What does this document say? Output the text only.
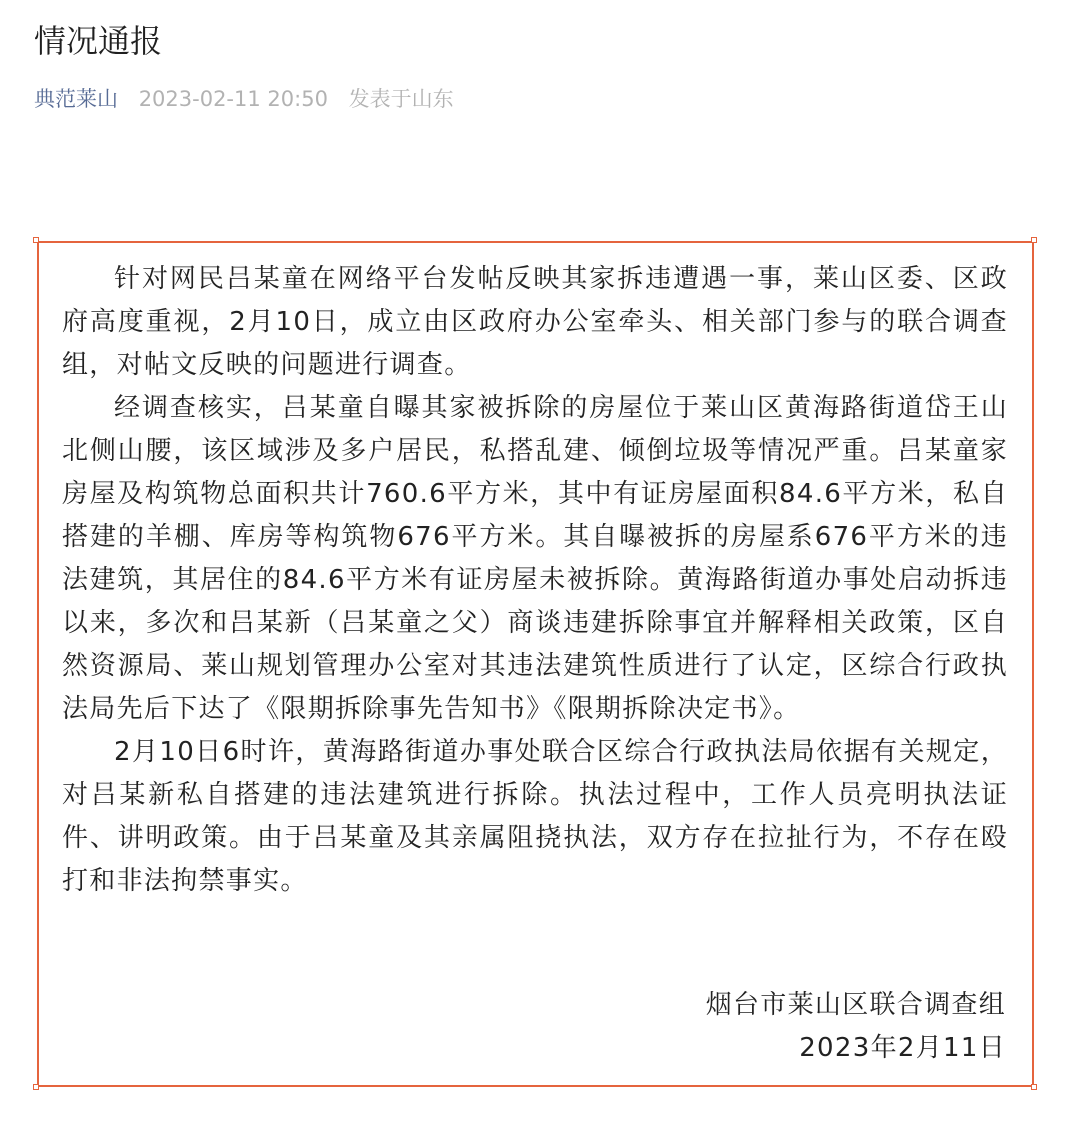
情况通报
典范莱山 2023-02-11 20:50 发表于山东

针对网民吕某童在网络平台发帖反映其家拆违遭遇一事，莱山区委、区政府高度重视，2月10日，成立由区政府办公室牵头、相关部门参与的联合调查组，对帖文反映的问题进行调查。

经调查核实，吕某童自曝其家被拆除的房屋位于莱山区黄海路街道岱王山北侧山腰，该区域涉及多户居民，私搭乱建、倾倒垃圾等情况严重。吕某童家房屋及构筑物总面积共计760.6平方米，其中有证房屋面积84.6平方米，私自搭建的羊棚、库房等构筑物676平方米。其自曝被拆的房屋系676平方米的违法建筑，其居住的84.6平方米有证房屋未被拆除。黄海路街道办事处启动拆违以来，多次和吕某新（吕某童之父）商谈违建拆除事宜并解释相关政策，区自然资源局、莱山规划管理办公室对其违法建筑性质进行了认定，区综合行政执法局先后下达了《限期拆除事先告知书》《限期拆除决定书》。

2月10日6时许，黄海路街道办事处联合区综合行政执法局依据有关规定，对吕某新私自搭建的违法建筑进行拆除。执法过程中，工作人员亮明执法证件、讲明政策。由于吕某童及其亲属阻挠执法，双方存在拉扯行为，不存在殴打和非法拘禁事实。

烟台市莱山区联合调查组
2023年2月11日
